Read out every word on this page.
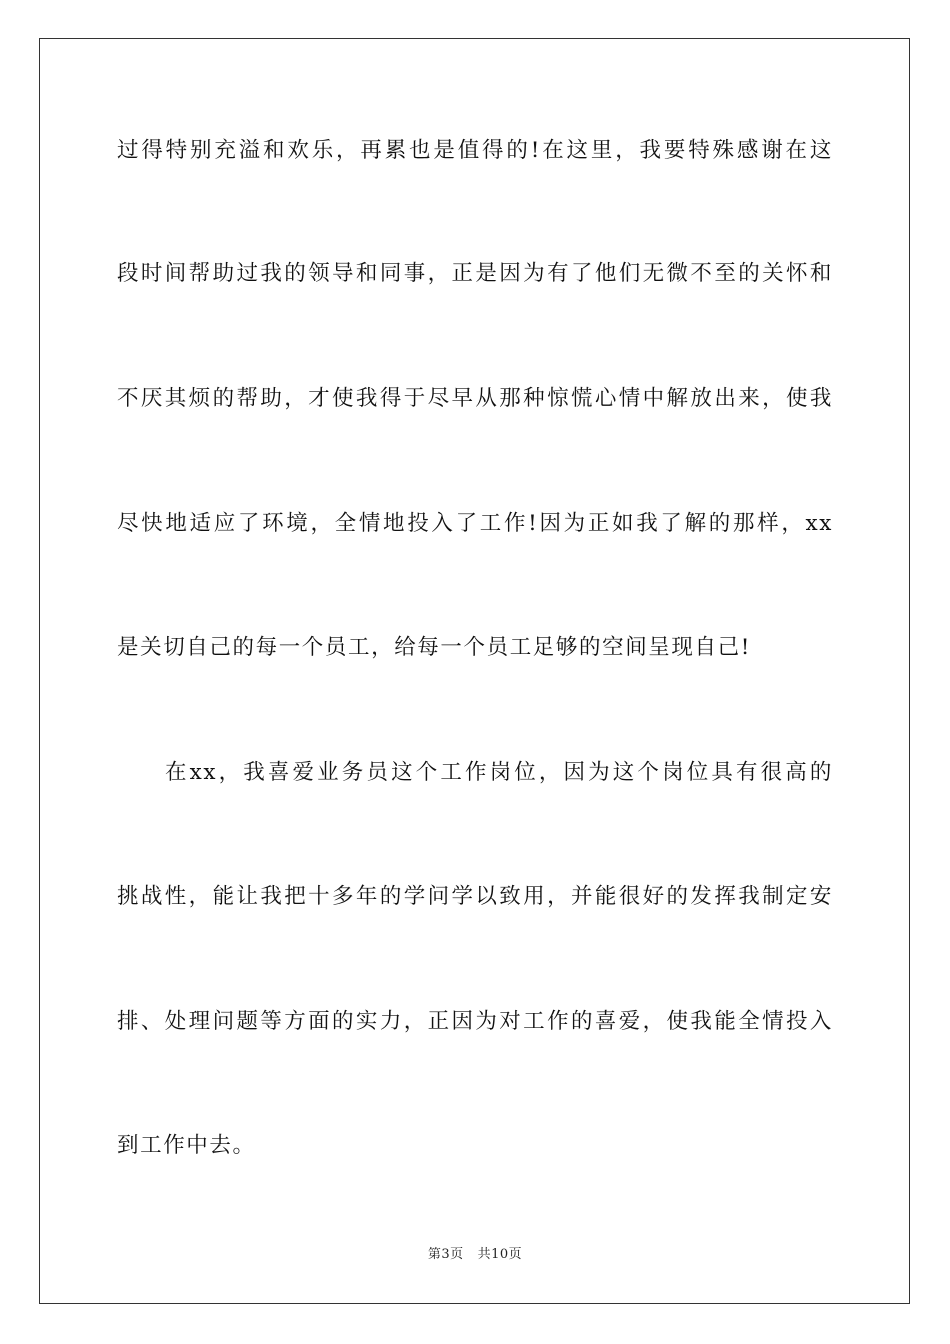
过得特别充溢和欢乐，再累也是值得的!在这里，我要特殊感谢在这
段时间帮助过我的领导和同事，正是因为有了他们无微不至的关怀和
不厌其烦的帮助，才使我得于尽早从那种惊慌心情中解放出来，使我
尽快地适应了环境，全情地投入了工作!因为正如我了解的那样，xx
是关切自己的每一个员工，给每一个员工足够的空间呈现自己!
在xx，我喜爱业务员这个工作岗位，因为这个岗位具有很高的
挑战性，能让我把十多年的学问学以致用，并能很好的发挥我制定安
排、处理问题等方面的实力，正因为对工作的喜爱，使我能全情投入
到工作中去。
第3页 共10页
